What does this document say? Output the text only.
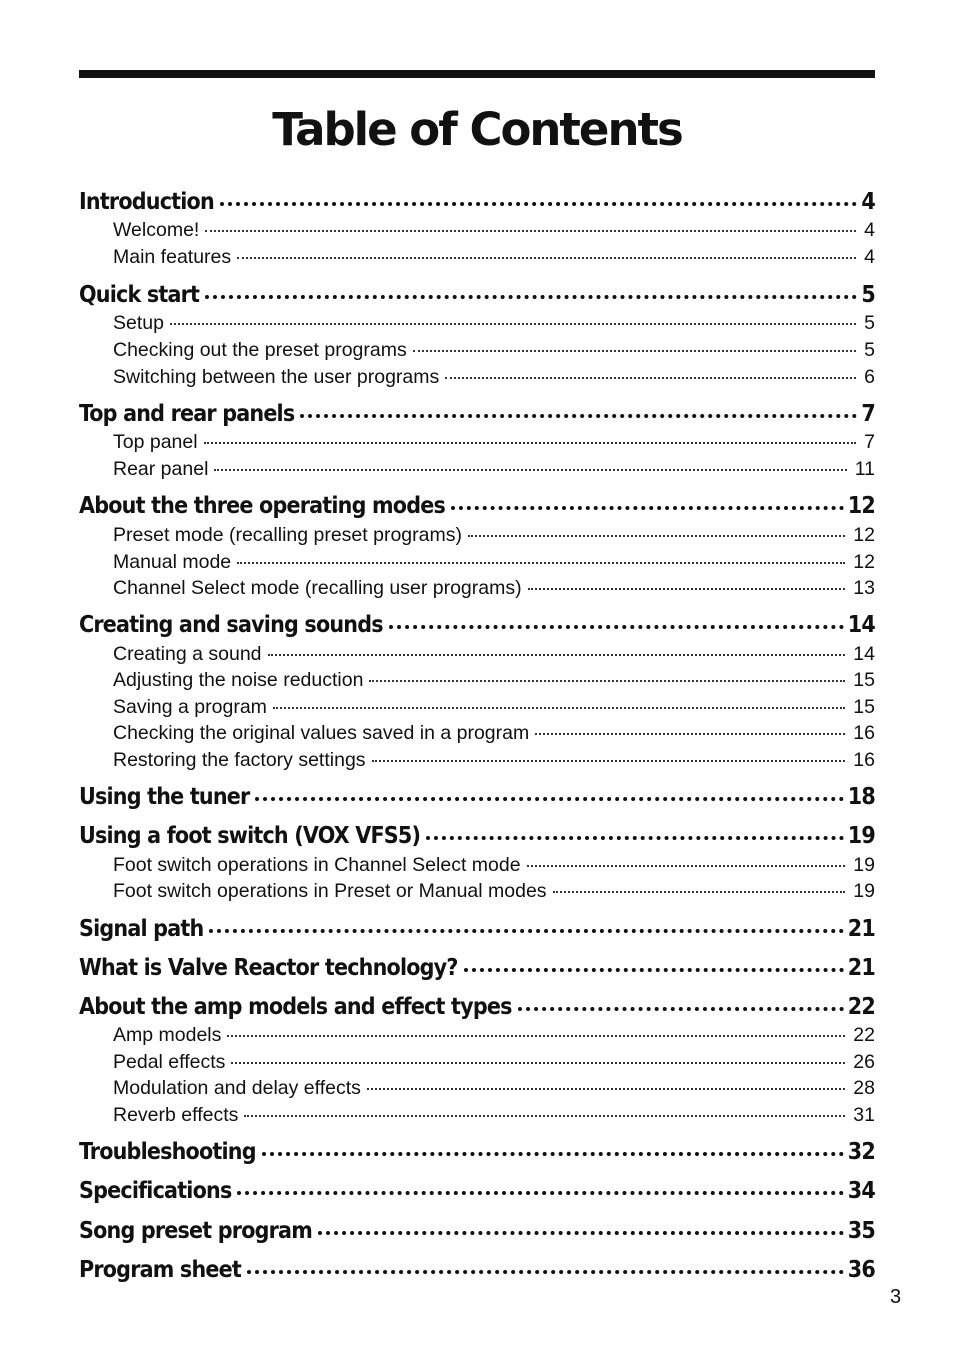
Table of Contents
Introduction	4
Welcome!	4
Main features	4
Quick start	5
Setup	5
Checking out the preset programs	5
Switching between the user programs	6
Top and rear panels	7
Top panel	7
Rear panel	11
About the three operating modes	12
Preset mode (recalling preset programs)	12
Manual mode	12
Channel Select mode (recalling user programs)	13
Creating and saving sounds	14
Creating a sound	14
Adjusting the noise reduction	15
Saving a program	15
Checking the original values saved in a program	16
Restoring the factory settings	16
Using the tuner	18
Using a foot switch (VOX VFS5)	19
Foot switch operations in Channel Select mode	19
Foot switch operations in Preset or Manual modes	19
Signal path	21
What is Valve Reactor technology?	21
About the amp models and effect types	22
Amp models	22
Pedal effects	26
Modulation and delay effects	28
Reverb effects	31
Troubleshooting	32
Specifications	34
Song preset program	35
Program sheet	36
3
